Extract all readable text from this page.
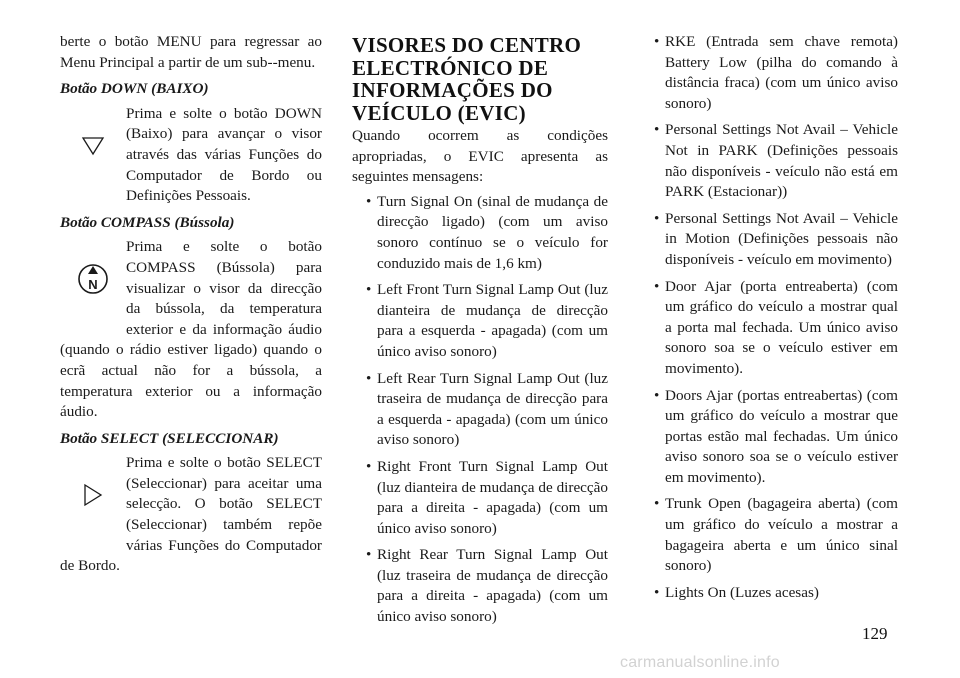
berte o botão MENU para regressar ao Menu Principal a partir de um sub--menu.

Botão DOWN (BAIXO)

Prima e solte o botão DOWN (Baixo) para avançar o visor através das várias Funções do Computador de Bordo ou Definições Pessoais.

Botão COMPASS (Bússola)

N

Prima e solte o botão COMPASS (Bússola) para visualizar o visor da direcção da bússola, da temperatura exterior e da informação áudio (quando o rádio estiver ligado) quando o ecrã actual não for a bússola, a temperatura exterior ou a informação áudio.

Botão SELECT (SELECCIONAR)

Prima e solte o botão SELECT (Seleccionar) para aceitar uma selecção. O botão SELECT (Seleccionar) também repõe várias Funções do Computador de Bordo.

VISORES DO CENTRO ELECTRÓNICO DE INFORMAÇÕES DO VEÍCULO (EVIC)

Quando ocorrem as condições apropriadas, o EVIC apresenta as seguintes mensagens:

• Turn Signal On (sinal de mudança de direcção ligado) (com um aviso sonoro contínuo se o veículo for conduzido mais de 1,6 km)
• Left Front Turn Signal Lamp Out (luz dianteira de mudança de direcção para a esquerda - apagada) (com um único aviso sonoro)
• Left Rear Turn Signal Lamp Out (luz traseira de mudança de direcção para a esquerda - apagada) (com um único aviso sonoro)
• Right Front Turn Signal Lamp Out (luz dianteira de mudança de direcção para a direita - apagada) (com um único aviso sonoro)
• Right Rear Turn Signal Lamp Out (luz traseira de mudança de direcção para a direita - apagada) (com um único aviso sonoro)
• RKE (Entrada sem chave remota) Battery Low (pilha do comando à distância fraca) (com um único aviso sonoro)
• Personal Settings Not Avail – Vehicle Not in PARK (Definições pessoais não disponíveis - veículo não está em PARK (Estacionar))
• Personal Settings Not Avail – Vehicle in Motion (Definições pessoais não disponíveis - veículo em movimento)
• Door Ajar (porta entreaberta) (com um gráfico do veículo a mostrar qual a porta mal fechada. Um único aviso sonoro soa se o veículo estiver em movimento).
• Doors Ajar (portas entreabertas) (com um gráfico do veículo a mostrar que portas estão mal fechadas. Um único aviso sonoro soa se o veículo estiver em movimento).
• Trunk Open (bagageira aberta) (com um gráfico do veículo a mostrar a bagageira aberta e um único sinal sonoro)
• Lights On (Luzes acesas)
129
carmanualsonline.info
